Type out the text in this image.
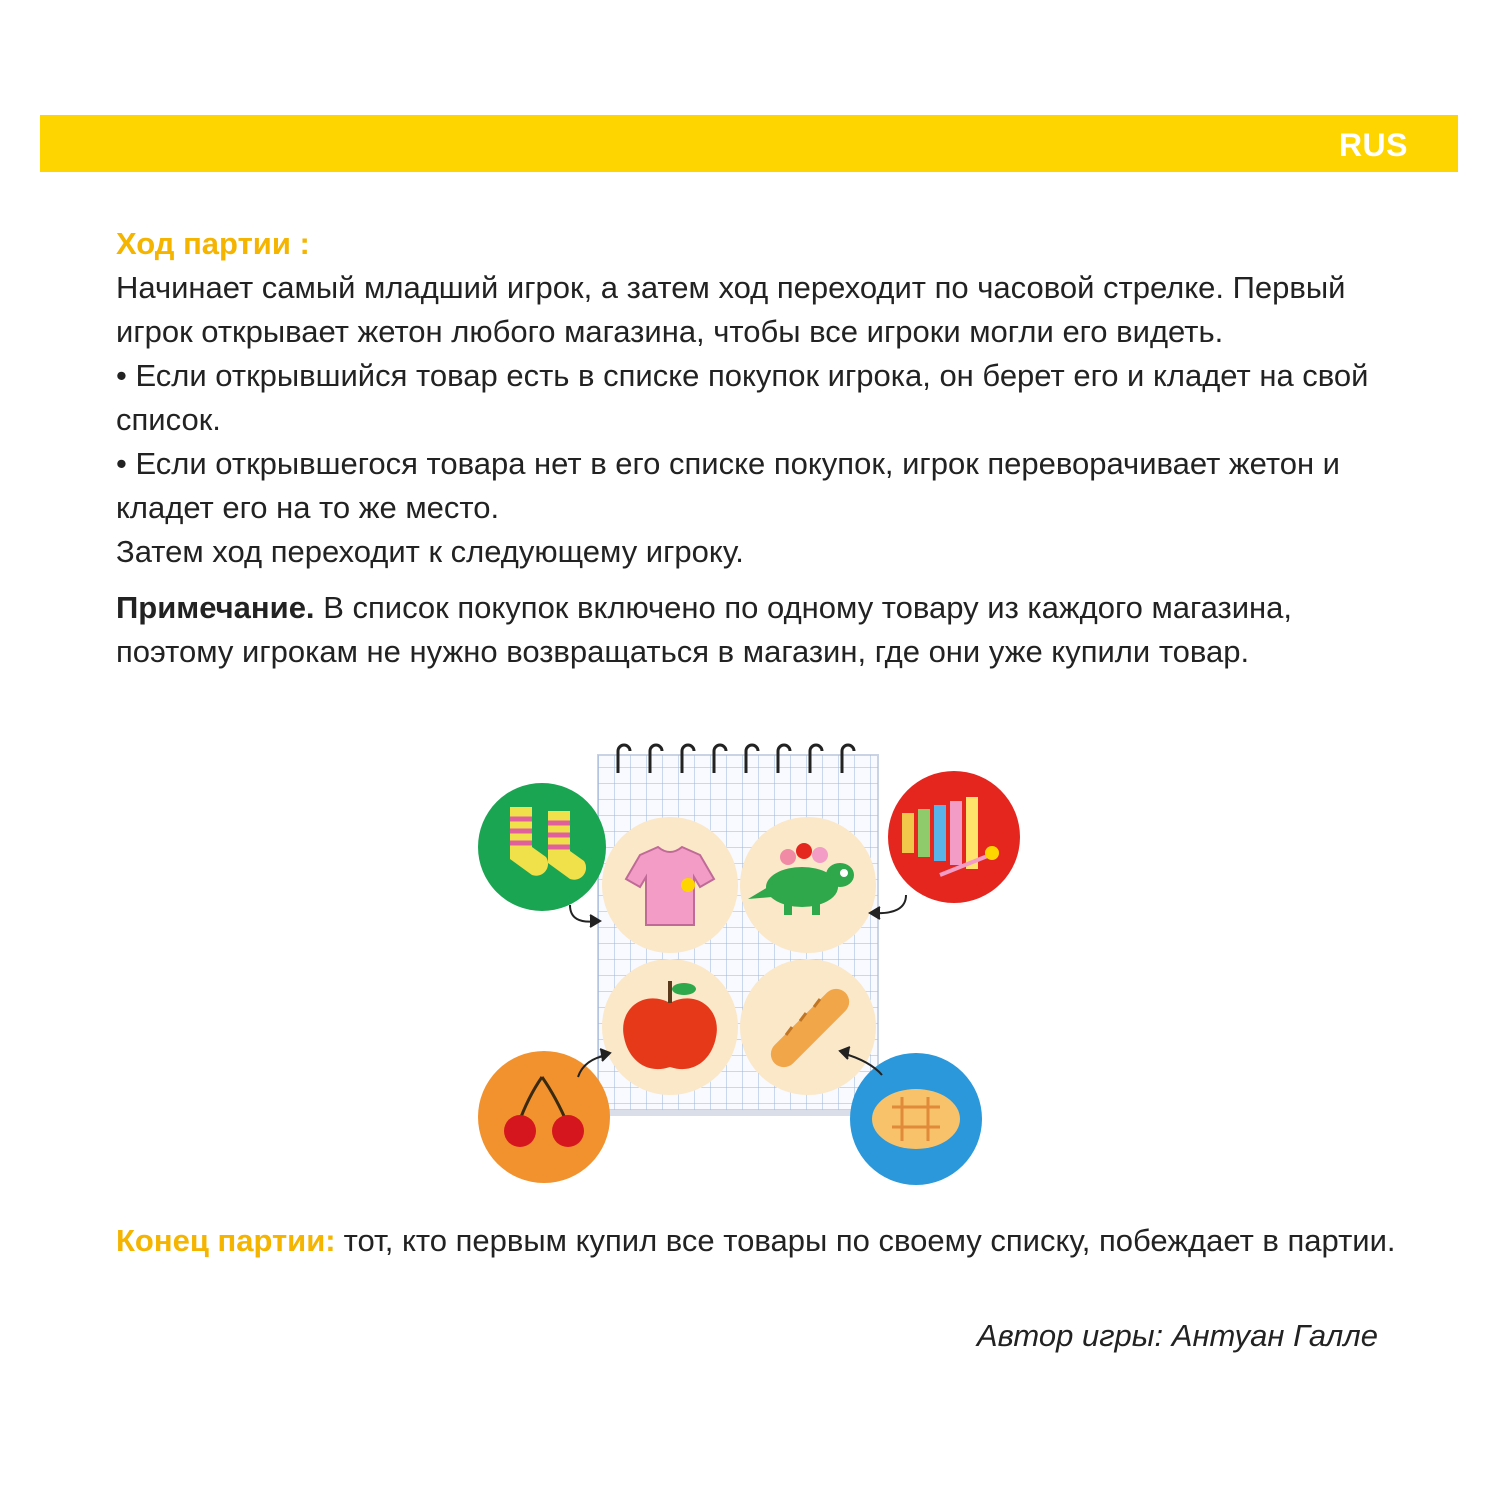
RUS
Ход партии :

Начинает самый младший игрок, а затем ход переходит по часовой стрелке. Первый игрок открывает жетон любого магазина, чтобы все игроки могли его видеть.

• Если открывшийся товар есть в списке покупок игрока, он берет его и кладет на свой список.

• Если открывшегося товара нет в его списке покупок, игрок переворачивает жетон и кладет его на то же место.

Затем ход переходит к следующему игроку.

Примечание. В список покупок включено по одному товару из каждого магазина, поэтому игрокам не нужно возвращаться в магазин, где они уже купили товар.

Конец партии: тот, кто первым купил все товары по своему списку, побеждает в партии.
Автор игры: Антуан Галле
